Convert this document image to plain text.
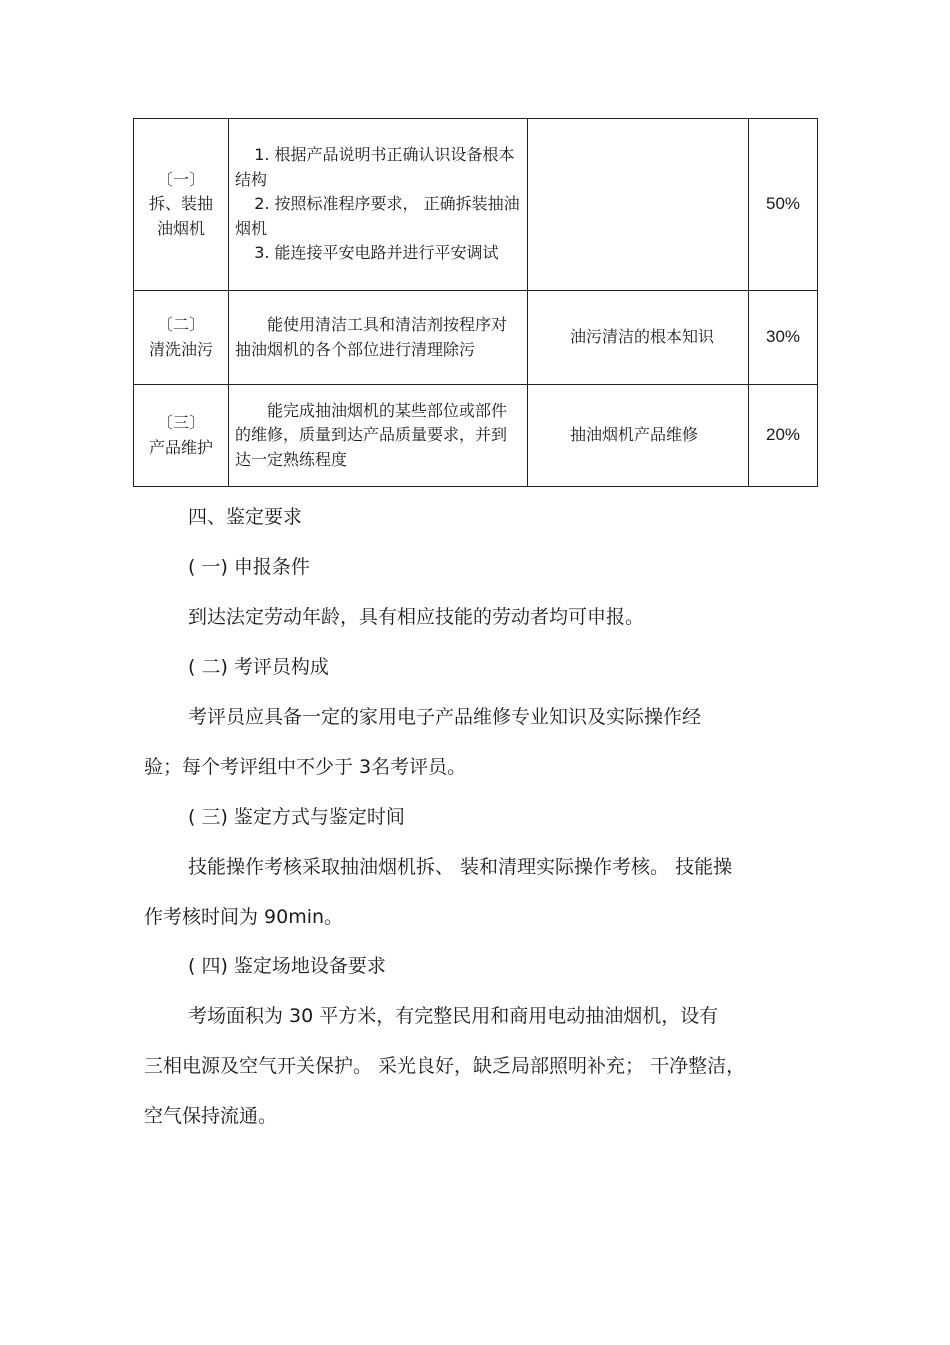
〔一〕
拆、装抽
油烟机	1. 根据产品说明书正确认识设备根本结构
2. 按照标准程序要求， 正确拆装抽油烟机
3. 能连接平安电路并进行平安调试		50%

〔二〕
清洗油污	能使用清洁工具和清洁剂按程序对抽油烟机的各个部位进行清理除污	油污清洁的根本知识	30%

〔三〕
产品维护	能完成抽油烟机的某些部位或部件的维修，质量到达产品质量要求，并到达一定熟练程度	抽油烟机产品维修	20%
四、鉴定要求
( 一) 申报条件
到达法定劳动年龄，具有相应技能的劳动者均可申报。
( 二) 考评员构成
考评员应具备一定的家用电子产品维修专业知识及实际操作经
验；每个考评组中不少于 3名考评员。
( 三) 鉴定方式与鉴定时间
技能操作考核采取抽油烟机拆、 装和清理实际操作考核。 技能操
作考核时间为 90min。
( 四) 鉴定场地设备要求
考场面积为 30 平方米，有完整民用和商用电动抽油烟机，设有
三相电源及空气开关保护。 采光良好，缺乏局部照明补充； 干净整洁，
空气保持流通。
